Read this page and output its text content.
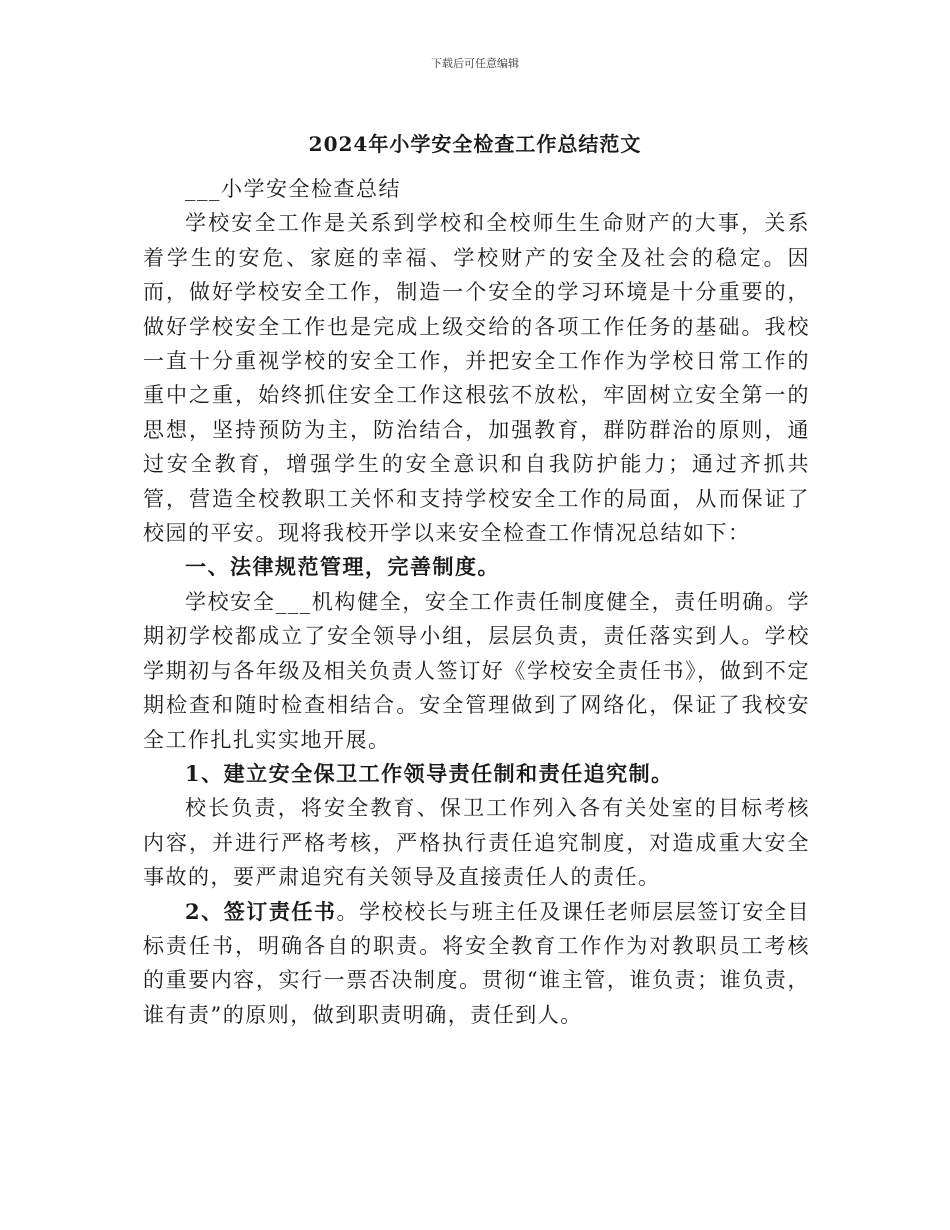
下载后可任意编辑
2024年小学安全检查工作总结范文

___小学安全检查总结

学校安全工作是关系到学校和全校师生生命财产的大事，关系着学生的安危、家庭的幸福、学校财产的安全及社会的稳定。因而，做好学校安全工作，制造一个安全的学习环境是十分重要的，做好学校安全工作也是完成上级交给的各项工作任务的基础。我校一直十分重视学校的安全工作，并把安全工作作为学校日常工作的重中之重，始终抓住安全工作这根弦不放松，牢固树立安全第一的思想，坚持预防为主，防治结合，加强教育，群防群治的原则，通过安全教育，增强学生的安全意识和自我防护能力；通过齐抓共管，营造全校教职工关怀和支持学校安全工作的局面，从而保证了校园的平安。现将我校开学以来安全检查工作情况总结如下：

一、法律规范管理，完善制度。

学校安全___机构健全，安全工作责任制度健全，责任明确。学期初学校都成立了安全领导小组，层层负责，责任落实到人。学校学期初与各年级及相关负责人签订好《学校安全责任书》，做到不定期检查和随时检查相结合。安全管理做到了网络化，保证了我校安全工作扎扎实实地开展。

1、建立安全保卫工作领导责任制和责任追究制。

校长负责，将安全教育、保卫工作列入各有关处室的目标考核内容，并进行严格考核，严格执行责任追究制度，对造成重大安全事故的，要严肃追究有关领导及直接责任人的责任。

2、签订责任书。学校校长与班主任及课任老师层层签订安全目标责任书，明确各自的职责。将安全教育工作作为对教职员工考核的重要内容，实行一票否决制度。贯彻“谁主管，谁负责；谁负责，谁有责”的原则，做到职责明确，责任到人。
